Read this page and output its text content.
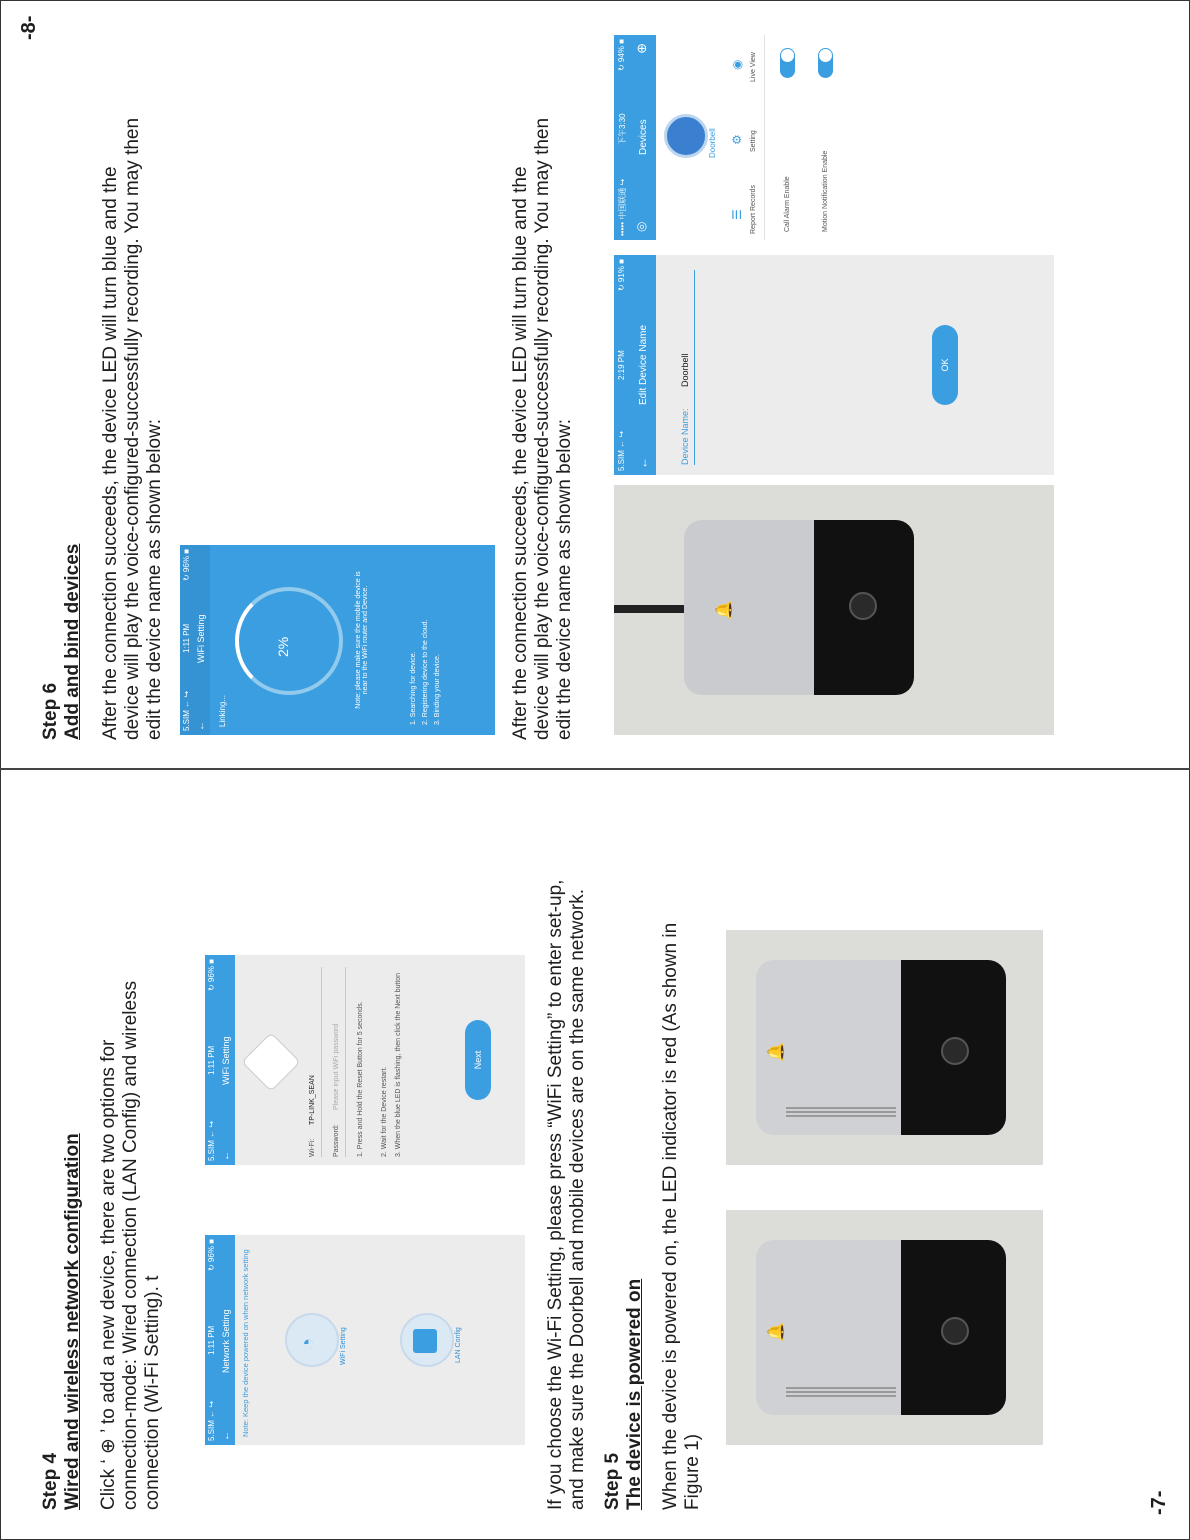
-7-
Step 4 Wired and wireless network configuration Click ‘ ⊕ ’ to add a new device, there are two options for connection-mode: Wired connection (LAN Config) and wireless connection (Wi-Fi Setting). t	5.SIM ← ↪
1:11 PM
↻ 96% ■
←
Network Setting Note: Keep the device powered on when network setting ◔	WiFi Setting	LAN Config
5.SIM ← ↪
1:11 PM
↻ 96% ■
←
WiFi Setting
Wi-Fi:
TP-LINK_SEAN
Password:
Please input WiFi password 1. Press and Hold the Reset Button for 5 seconds. 2. Wait for the Device restart. 3. When the blue LED is flashing, then click the Next button	Next	If you choose the Wi-Fi Setting, please press “WiFi Setting” to enter set-up, and make sure the Doorbell and mobile devices are on the same network. Step 5 The device is powered on When the device is powered on, the LED indicator is red (As shown in Figure 1)
🔔
🔔
-8-
Step 6 Add and bind devices After the connection succeeds, the device LED will turn blue and the device will play the voice-configured-successfully recording. You may then edit the device name as shown below: 5.SIM ← ↪
1:11 PM
↻ 96% ■
←
WiFi Setting
Linking...
2%	Note: please make sure the mobile device is near to the WiFi router and Device.	1. Searching for device. 2. Registering device to the cloud. 3. Binding your device.
🔔
5.SIM ← ↪
2:19 PM
↻ 91% ■
←
Edit Device Name
Device Name:
Doorbell	OK
••••• 中国联通 ↪
下午3:30
↻ 94% ■
◎
Devices
⊕
Doorbell
☰
⚙
◉
Report Records
Setting
Live View
Call Alarm Enable	Motion Notification Enable
After the connection succeeds, the device LED will turn blue and the device will play the voice-configured-successfully recording. You may then edit the device name as shown below:
